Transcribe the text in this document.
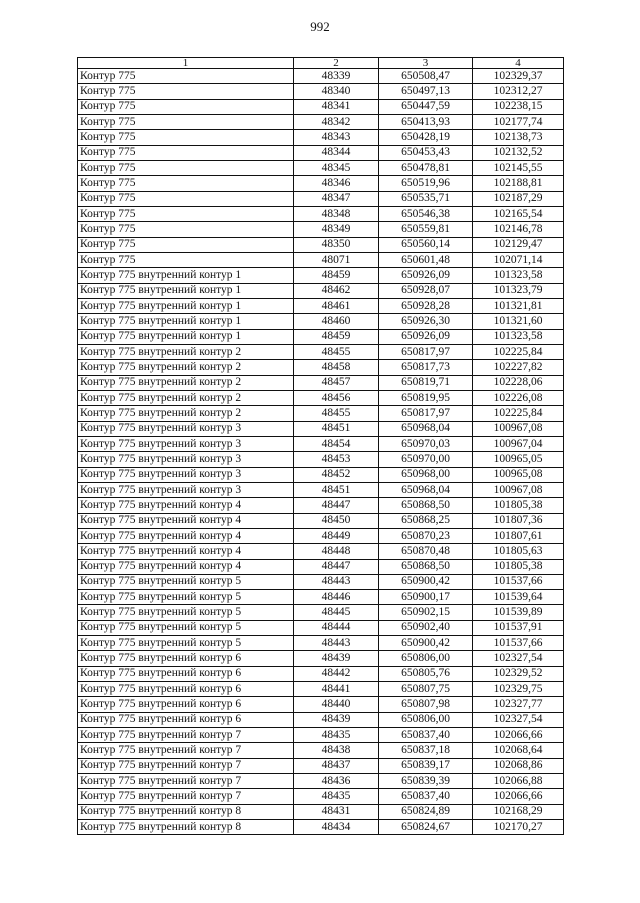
992
1	2	3	4
Контур 775	48339	650508,47	102329,37
Контур 775	48340	650497,13	102312,27
Контур 775	48341	650447,59	102238,15
Контур 775	48342	650413,93	102177,74
Контур 775	48343	650428,19	102138,73
Контур 775	48344	650453,43	102132,52
Контур 775	48345	650478,81	102145,55
Контур 775	48346	650519,96	102188,81
Контур 775	48347	650535,71	102187,29
Контур 775	48348	650546,38	102165,54
Контур 775	48349	650559,81	102146,78
Контур 775	48350	650560,14	102129,47
Контур 775	48071	650601,48	102071,14
Контур 775 внутренний контур 1	48459	650926,09	101323,58
Контур 775 внутренний контур 1	48462	650928,07	101323,79
Контур 775 внутренний контур 1	48461	650928,28	101321,81
Контур 775 внутренний контур 1	48460	650926,30	101321,60
Контур 775 внутренний контур 1	48459	650926,09	101323,58
Контур 775 внутренний контур 2	48455	650817,97	102225,84
Контур 775 внутренний контур 2	48458	650817,73	102227,82
Контур 775 внутренний контур 2	48457	650819,71	102228,06
Контур 775 внутренний контур 2	48456	650819,95	102226,08
Контур 775 внутренний контур 2	48455	650817,97	102225,84
Контур 775 внутренний контур 3	48451	650968,04	100967,08
Контур 775 внутренний контур 3	48454	650970,03	100967,04
Контур 775 внутренний контур 3	48453	650970,00	100965,05
Контур 775 внутренний контур 3	48452	650968,00	100965,08
Контур 775 внутренний контур 3	48451	650968,04	100967,08
Контур 775 внутренний контур 4	48447	650868,50	101805,38
Контур 775 внутренний контур 4	48450	650868,25	101807,36
Контур 775 внутренний контур 4	48449	650870,23	101807,61
Контур 775 внутренний контур 4	48448	650870,48	101805,63
Контур 775 внутренний контур 4	48447	650868,50	101805,38
Контур 775 внутренний контур 5	48443	650900,42	101537,66
Контур 775 внутренний контур 5	48446	650900,17	101539,64
Контур 775 внутренний контур 5	48445	650902,15	101539,89
Контур 775 внутренний контур 5	48444	650902,40	101537,91
Контур 775 внутренний контур 5	48443	650900,42	101537,66
Контур 775 внутренний контур 6	48439	650806,00	102327,54
Контур 775 внутренний контур 6	48442	650805,76	102329,52
Контур 775 внутренний контур 6	48441	650807,75	102329,75
Контур 775 внутренний контур 6	48440	650807,98	102327,77
Контур 775 внутренний контур 6	48439	650806,00	102327,54
Контур 775 внутренний контур 7	48435	650837,40	102066,66
Контур 775 внутренний контур 7	48438	650837,18	102068,64
Контур 775 внутренний контур 7	48437	650839,17	102068,86
Контур 775 внутренний контур 7	48436	650839,39	102066,88
Контур 775 внутренний контур 7	48435	650837,40	102066,66
Контур 775 внутренний контур 8	48431	650824,89	102168,29
Контур 775 внутренний контур 8	48434	650824,67	102170,27
